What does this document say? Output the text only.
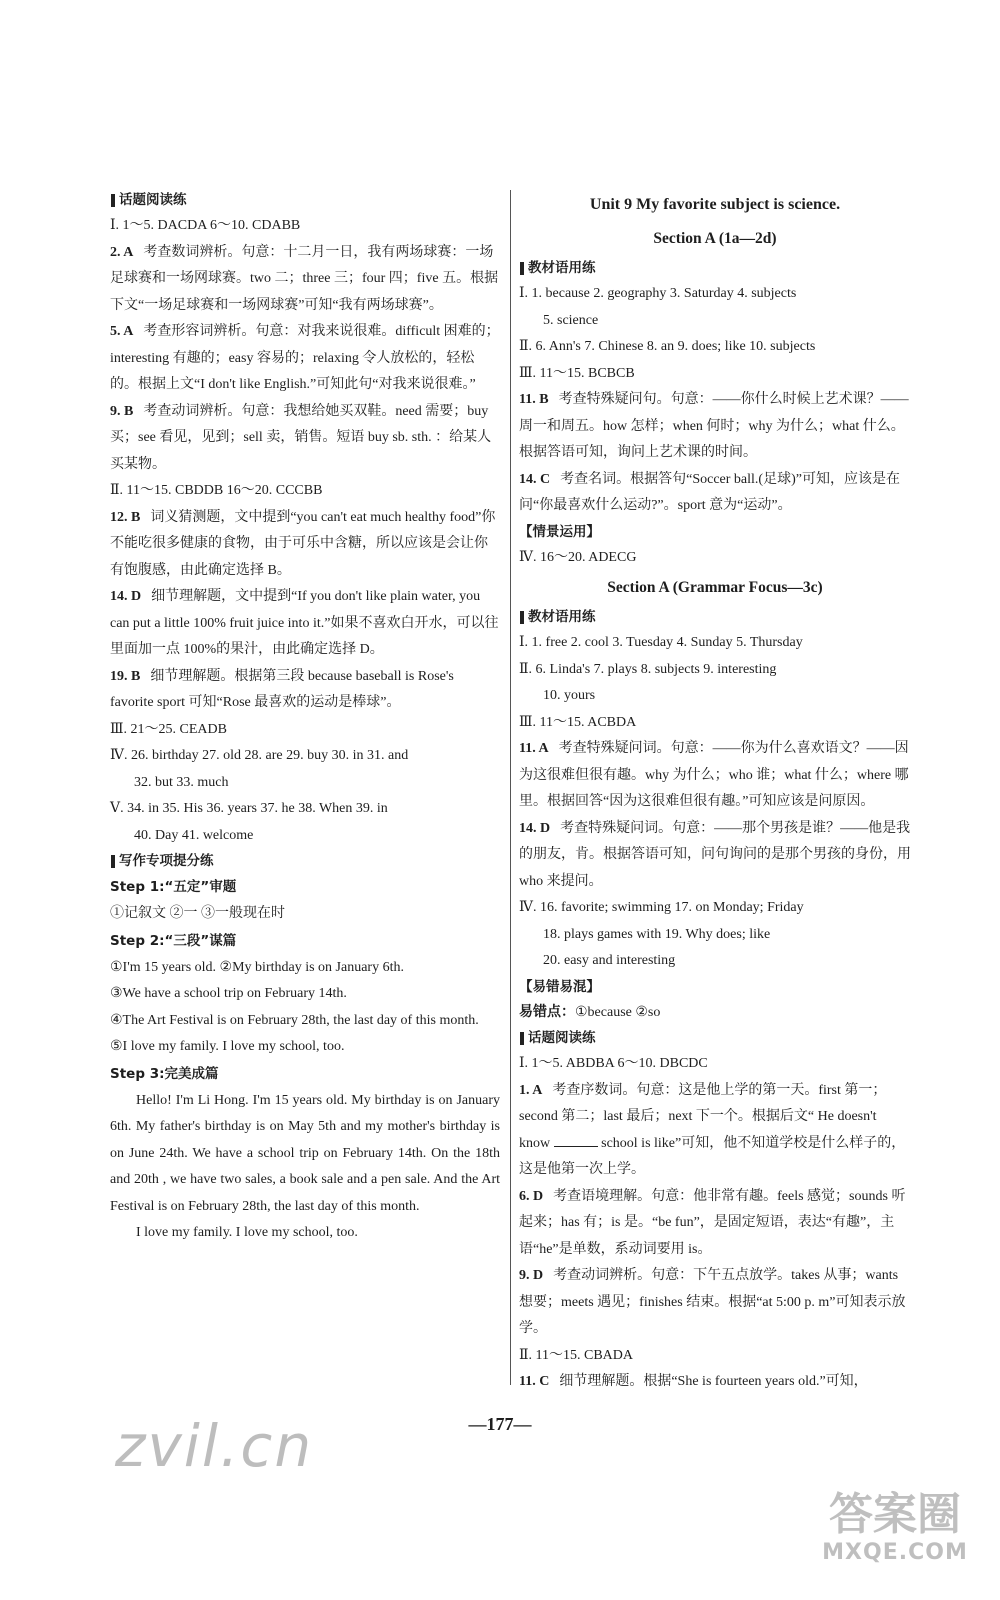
话题阅读练
Ⅰ. 1～5. DACDA 6～10. CDABB
2. A 考查数词辨析。句意：十二月一日，我有两场球赛：一场足球赛和一场网球赛。two 二；three 三；four 四；five 五。根据下文“一场足球赛和一场网球赛”可知“我有两场球赛”。
5. A 考查形容词辨析。句意：对我来说很难。difficult 困难的；interesting 有趣的；easy 容易的；relaxing 令人放松的，轻松的。根据上文“I don't like English.”可知此句“对我来说很难。”
9. B 考查动词辨析。句意：我想给她买双鞋。need 需要；buy 买；see 看见，见到；sell 卖，销售。短语 buy sb. sth. ：给某人买某物。
Ⅱ. 11～15. CBDDB 16～20. CCCBB
12. B 词义猜测题，文中提到“you can't eat much healthy food”你不能吃很多健康的食物，由于可乐中含糖，所以应该是会让你有饱腹感，由此确定选择 B。
14. D 细节理解题，文中提到“If you don't like plain water, you can put a little 100% fruit juice into it.”如果不喜欢白开水，可以往里面加一点 100%的果汁，由此确定选择 D。
19. B 细节理解题。根据第三段 because baseball is Rose's favorite sport 可知“Rose 最喜欢的运动是棒球”。
Ⅲ. 21～25. CEADB
Ⅳ. 26. birthday 27. old 28. are 29. buy 30. in 31. and
32. but 33. much
Ⅴ. 34. in 35. His 36. years 37. he 38. When 39. in
40. Day 41. welcome
写作专项提分练
Step 1:“五定”审题
①记叙文 ②一 ③一般现在时
Step 2:“三段”谋篇
①I'm 15 years old. ②My birthday is on January 6th.
③We have a school trip on February 14th.
④The Art Festival is on February 28th, the last day of this month.
⑤I love my family. I love my school, too.
Step 3:完美成篇
Hello! I'm Li Hong. I'm 15 years old. My birthday is on January 6th. My father's birthday is on May 5th and my mother's birthday is on June 24th. We have a school trip on February 14th. On the 18th and 20th , we have two sales, a book sale and a pen sale. And the Art Festival is on February 28th, the last day of this month.
I love my family. I love my school, too.
Unit 9 My favorite subject is science.
Section A (1a—2d)
教材语用练
Ⅰ. 1. because 2. geography 3. Saturday 4. subjects
5. science
Ⅱ. 6. Ann's 7. Chinese 8. an 9. does; like 10. subjects
Ⅲ. 11～15. BCBCB
11. B 考查特殊疑问句。句意：——你什么时候上艺术课？——周一和周五。how 怎样；when 何时；why 为什么；what 什么。根据答语可知，询问上艺术课的时间。
14. C 考查名词。根据答句“Soccer ball.(足球)”可知，应该是在问“你最喜欢什么运动?”。sport 意为“运动”。
【情景运用】
Ⅳ. 16～20. ADECG
Section A (Grammar Focus—3c)
教材语用练
Ⅰ. 1. free 2. cool 3. Tuesday 4. Sunday 5. Thursday
Ⅱ. 6. Linda's 7. plays 8. subjects 9. interesting
10. yours
Ⅲ. 11～15. ACBDA
11. A 考查特殊疑问词。句意：——你为什么喜欢语文？——因为这很难但很有趣。why 为什么；who 谁；what 什么；where 哪里。根据回答“因为这很难但很有趣。”可知应该是问原因。
14. D 考查特殊疑问词。句意：——那个男孩是谁？——他是我的朋友，肯。根据答语可知，问句询问的是那个男孩的身份，用 who 来提问。
Ⅳ. 16. favorite; swimming 17. on Monday; Friday
18. plays games with 19. Why does; like
20. easy and interesting
【易错易混】
易错点：①because ②so
话题阅读练
Ⅰ. 1～5. ABDBA 6～10. DBCDC
1. A 考查序数词。句意：这是他上学的第一天。first 第一；second 第二；last 最后；next 下一个。根据后文“ He doesn't know	school is like”可知，他不知道学校是什么样子的，这是他第一次上学。
6. D 考查语境理解。句意：他非常有趣。feels 感觉；sounds 听起来；has 有；is 是。“be fun”，是固定短语，表达“有趣”，主语“he”是单数，系动词要用 is。
9. D 考查动词辨析。句意：下午五点放学。takes 从事；wants 想要；meets 遇见；finishes 结束。根据“at 5:00 p. m”可知表示放学。
Ⅱ. 11～15. CBADA
11. C 细节理解题。根据“She is fourteen years old.”可知，
—177—
zvil.cn
答案圈
MXQE.COM
